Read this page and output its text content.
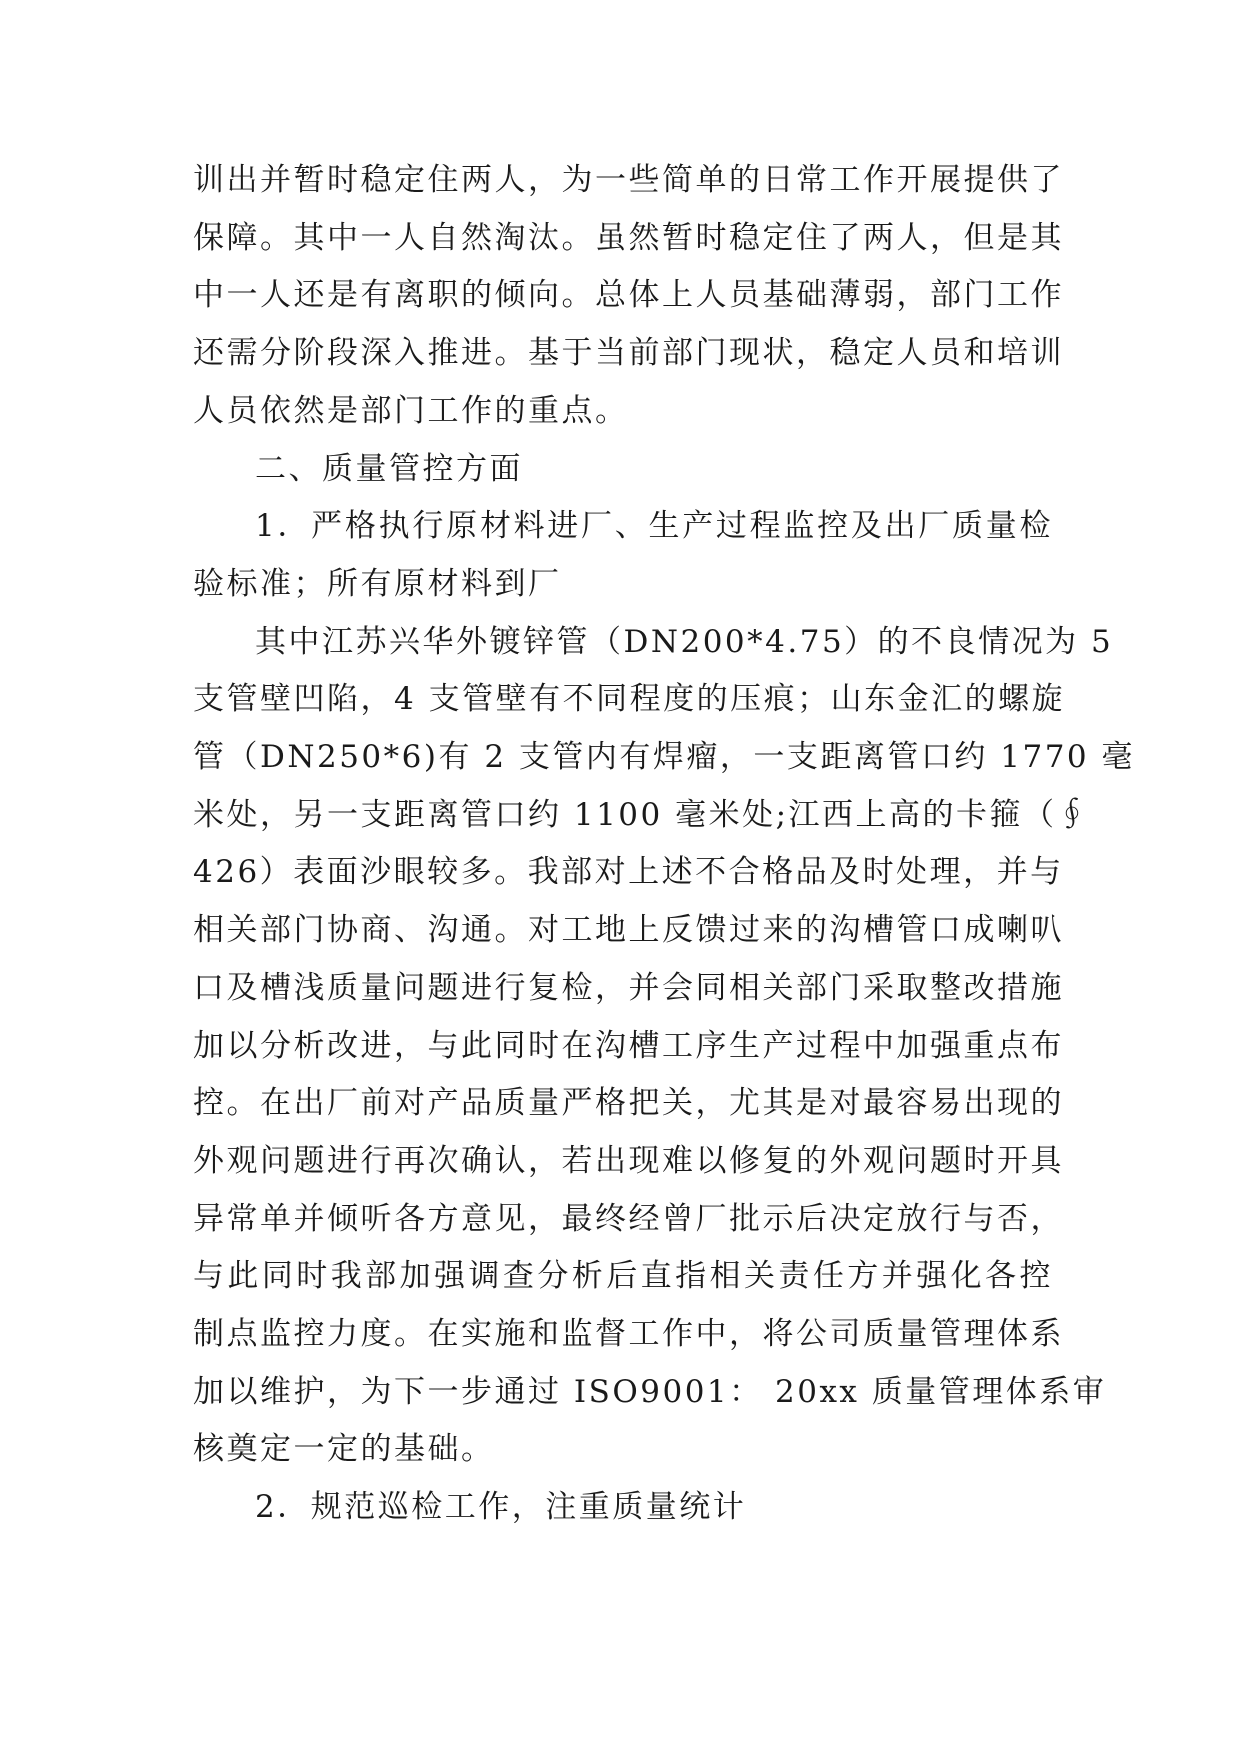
训出并暂时稳定住两人，为一些简单的日常工作开展提供了
保障。其中一人自然淘汰。虽然暂时稳定住了两人，但是其
中一人还是有离职的倾向。总体上人员基础薄弱，部门工作
还需分阶段深入推进。基于当前部门现状，稳定人员和培训
人员依然是部门工作的重点。
二、质量管控方面
1．严格执行原材料进厂、生产过程监控及出厂质量检
验标准；所有原材料到厂
其中江苏兴华外镀锌管（DN200*4.75）的不良情况为 5
支管壁凹陷，4 支管壁有不同程度的压痕；山东金汇的螺旋
管（DN250*6)有 2 支管内有焊瘤，一支距离管口约 1770 毫
米处，另一支距离管口约 1100 毫米处;江西上高的卡箍（∮
426）表面沙眼较多。我部对上述不合格品及时处理，并与
相关部门协商、沟通。对工地上反馈过来的沟槽管口成喇叭
口及槽浅质量问题进行复检，并会同相关部门采取整改措施
加以分析改进，与此同时在沟槽工序生产过程中加强重点布
控。在出厂前对产品质量严格把关，尤其是对最容易出现的
外观问题进行再次确认，若出现难以修复的外观问题时开具
异常单并倾听各方意见，最终经曾厂批示后决定放行与否，
与此同时我部加强调查分析后直指相关责任方并强化各控
制点监控力度。在实施和监督工作中，将公司质量管理体系
加以维护，为下一步通过 ISO9001： 20xx 质量管理体系审
核奠定一定的基础。
2．规范巡检工作，注重质量统计
